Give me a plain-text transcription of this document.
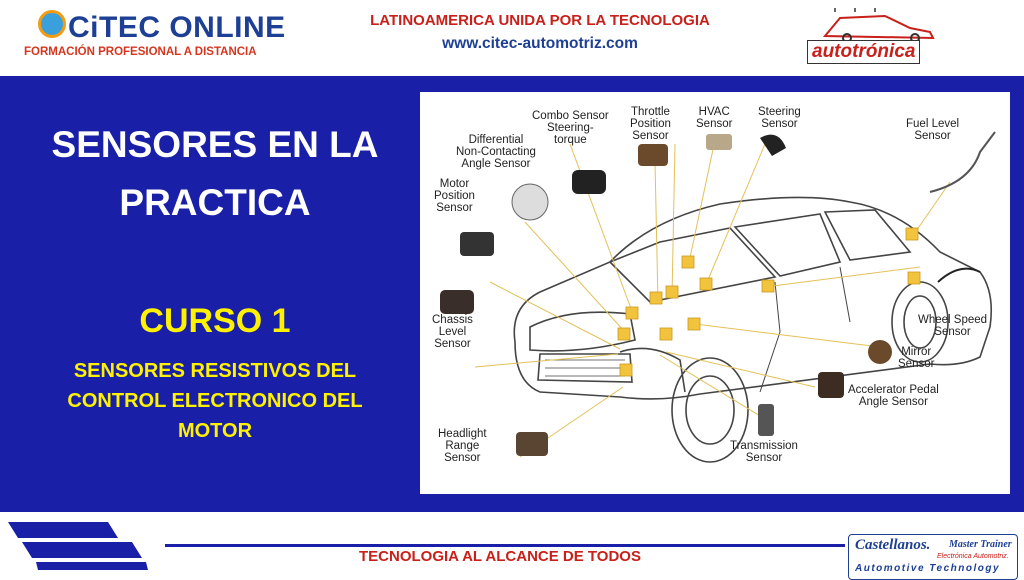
CiTEC ONLINE
FORMACIÓN PROFESIONAL A DISTANCIA
LATINOAMERICA UNIDA POR LA TECNOLOGIA
www.citec-automotriz.com	autotrónica
SENSORES EN LA
PRACTICA
CURSO 1
SENSORES RESISTIVOS DEL
CONTROL ELECTRONICO DEL
MOTOR
Combo Sensor
Steering-
torque
Throttle
Position
Sensor
HVAC
Sensor
Steering
Sensor	Fuel Level
Sensor
Differential
Non-Contacting
Angle Sensor
Motor
Position
Sensor
Chassis
Level
Sensor
Wheel Speed
Sensor
Mirror
Sensor
Accelerator Pedal
Angle Sensor
Transmission
Sensor
Headlight
Range
Sensor
TECNOLOGIA AL ALCANCE DE TODOS
Castellanos. Master Trainer
Electrónica Automotriz.
Automotive Technology
